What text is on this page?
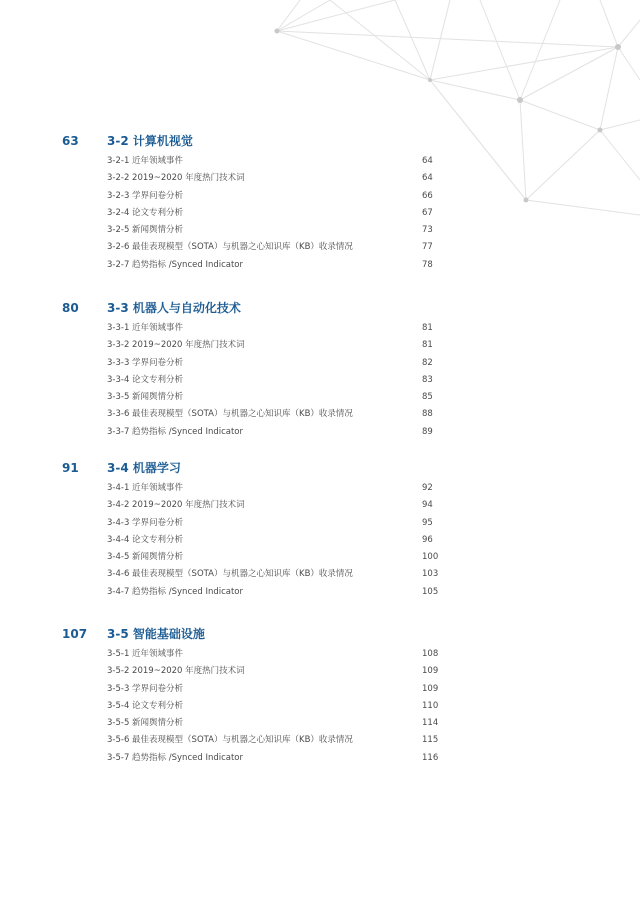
63 3-2 计算机视觉
3-2-1 近年领域事件	64
3-2-2 2019~2020 年度热门技术词	64
3-2-3 学界问卷分析	66
3-2-4 论文专利分析	67
3-2-5 新闻舆情分析	73
3-2-6 最佳表现模型（SOTA）与机器之心知识库（KB）收录情况	77
3-2-7 趋势指标 /Synced Indicator	78
80 3-3 机器人与自动化技术
3-3-1 近年领域事件	81
3-3-2 2019~2020 年度热门技术词	81
3-3-3 学界问卷分析	82
3-3-4 论文专利分析	83
3-3-5 新闻舆情分析	85
3-3-6 最佳表现模型（SOTA）与机器之心知识库（KB）收录情况	88
3-3-7 趋势指标 /Synced Indicator	89
91 3-4 机器学习
3-4-1 近年领域事件	92
3-4-2 2019~2020 年度热门技术词	94
3-4-3 学界问卷分析	95
3-4-4 论文专利分析	96
3-4-5 新闻舆情分析	100
3-4-6 最佳表现模型（SOTA）与机器之心知识库（KB）收录情况	103
3-4-7 趋势指标 /Synced Indicator	105
107 3-5 智能基础设施
3-5-1 近年领域事件	108
3-5-2 2019~2020 年度热门技术词	109
3-5-3 学界问卷分析	109
3-5-4 论文专利分析	110
3-5-5 新闻舆情分析	114
3-5-6 最佳表现模型（SOTA）与机器之心知识库（KB）收录情况	115
3-5-7 趋势指标 /Synced Indicator	116
